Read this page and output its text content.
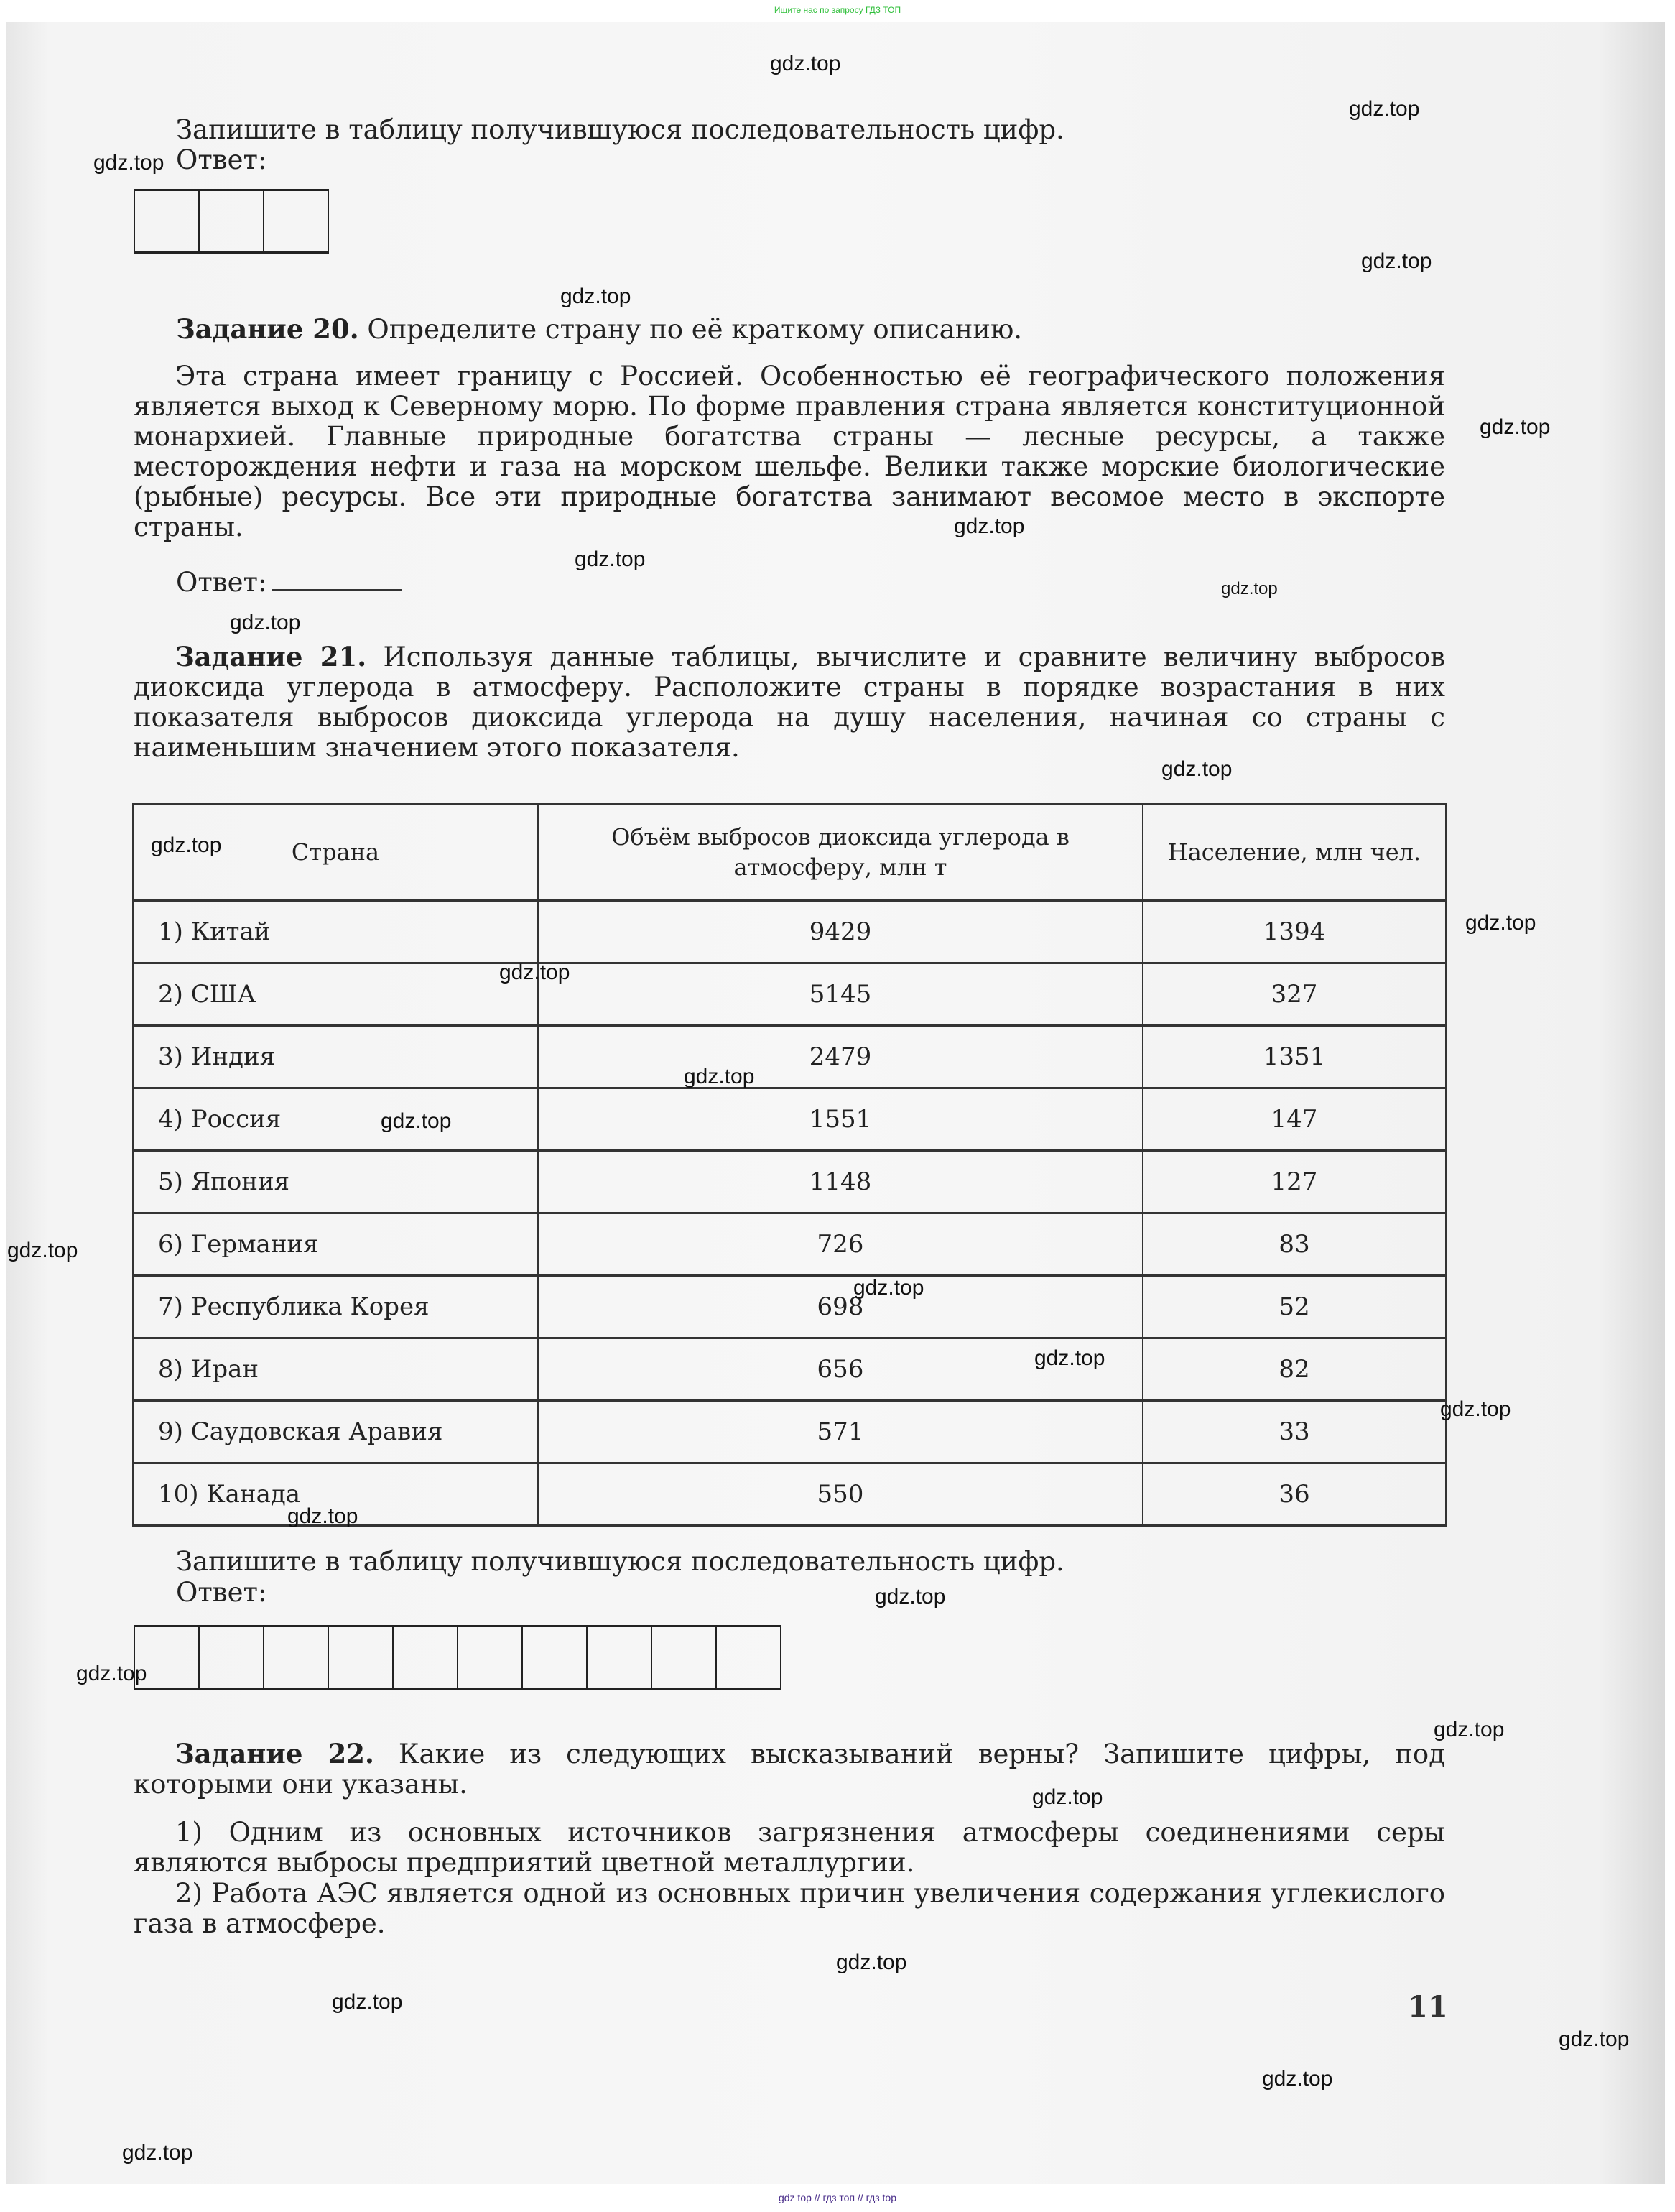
Ищите нас по запросу ГДЗ ТОП
Запишите в таблицу получившуюся последовательность цифр.
Ответ:
Задание 20. Определите страну по её краткому описанию.
Эта страна имеет границу с Россией. Особенностью её географического положения является выход к Северному морю. По форме правления страна является конституционной монархией. Главные природные богатства страны — лесные ресурсы, а также месторождения нефти и газа на морском шельфе. Велики также морские биологические (рыбные) ресурсы. Все эти природные богатства занимают весомое место в экспорте страны.
Ответ:
Задание 21. Используя данные таблицы, вычислите и сравните величину выбросов диоксида углерода в атмосферу. Расположите страны в порядке возрастания в них показателя выбросов диоксида углерода на душу населения, начиная со страны с наименьшим значением этого показателя.
Страна	Объём выбросов диоксида углерода в атмосферу, млн т	Население, млн чел.
1) Китай	9429	1394
2) США	5145	327
3) Индия	2479	1351
4) Россия	1551	147
5) Япония	1148	127
6) Германия	726	83
7) Республика Корея	698	52
8) Иран	656	82
9) Саудовская Аравия	571	33
10) Канада	550	36
Запишите в таблицу получившуюся последовательность цифр.
Ответ:
Задание 22. Какие из следующих высказываний верны? Запишите цифры, под которыми они указаны.
1) Одним из основных источников загрязнения атмосферы соединениями серы являются выбросы предприятий цветной металлургии.
2) Работа АЭС является одной из основных причин увеличения содержания углекислого газа в атмосфере.
11
gdz.top
gdz.top
gdz.top
gdz.top
gdz.top
gdz.top
gdz.top
gdz.top
gdz.top
gdz.top
gdz.top
gdz.top
gdz.top
gdz.top
gdz.top
gdz.top
gdz.top
gdz.top
gdz.top
gdz.top
gdz.top
gdz.top
gdz.top
gdz.top
gdz.top
gdz.top
gdz.top
gdz.top
gdz.top
gdz.top
gdz top // гдз топ // гдз top
